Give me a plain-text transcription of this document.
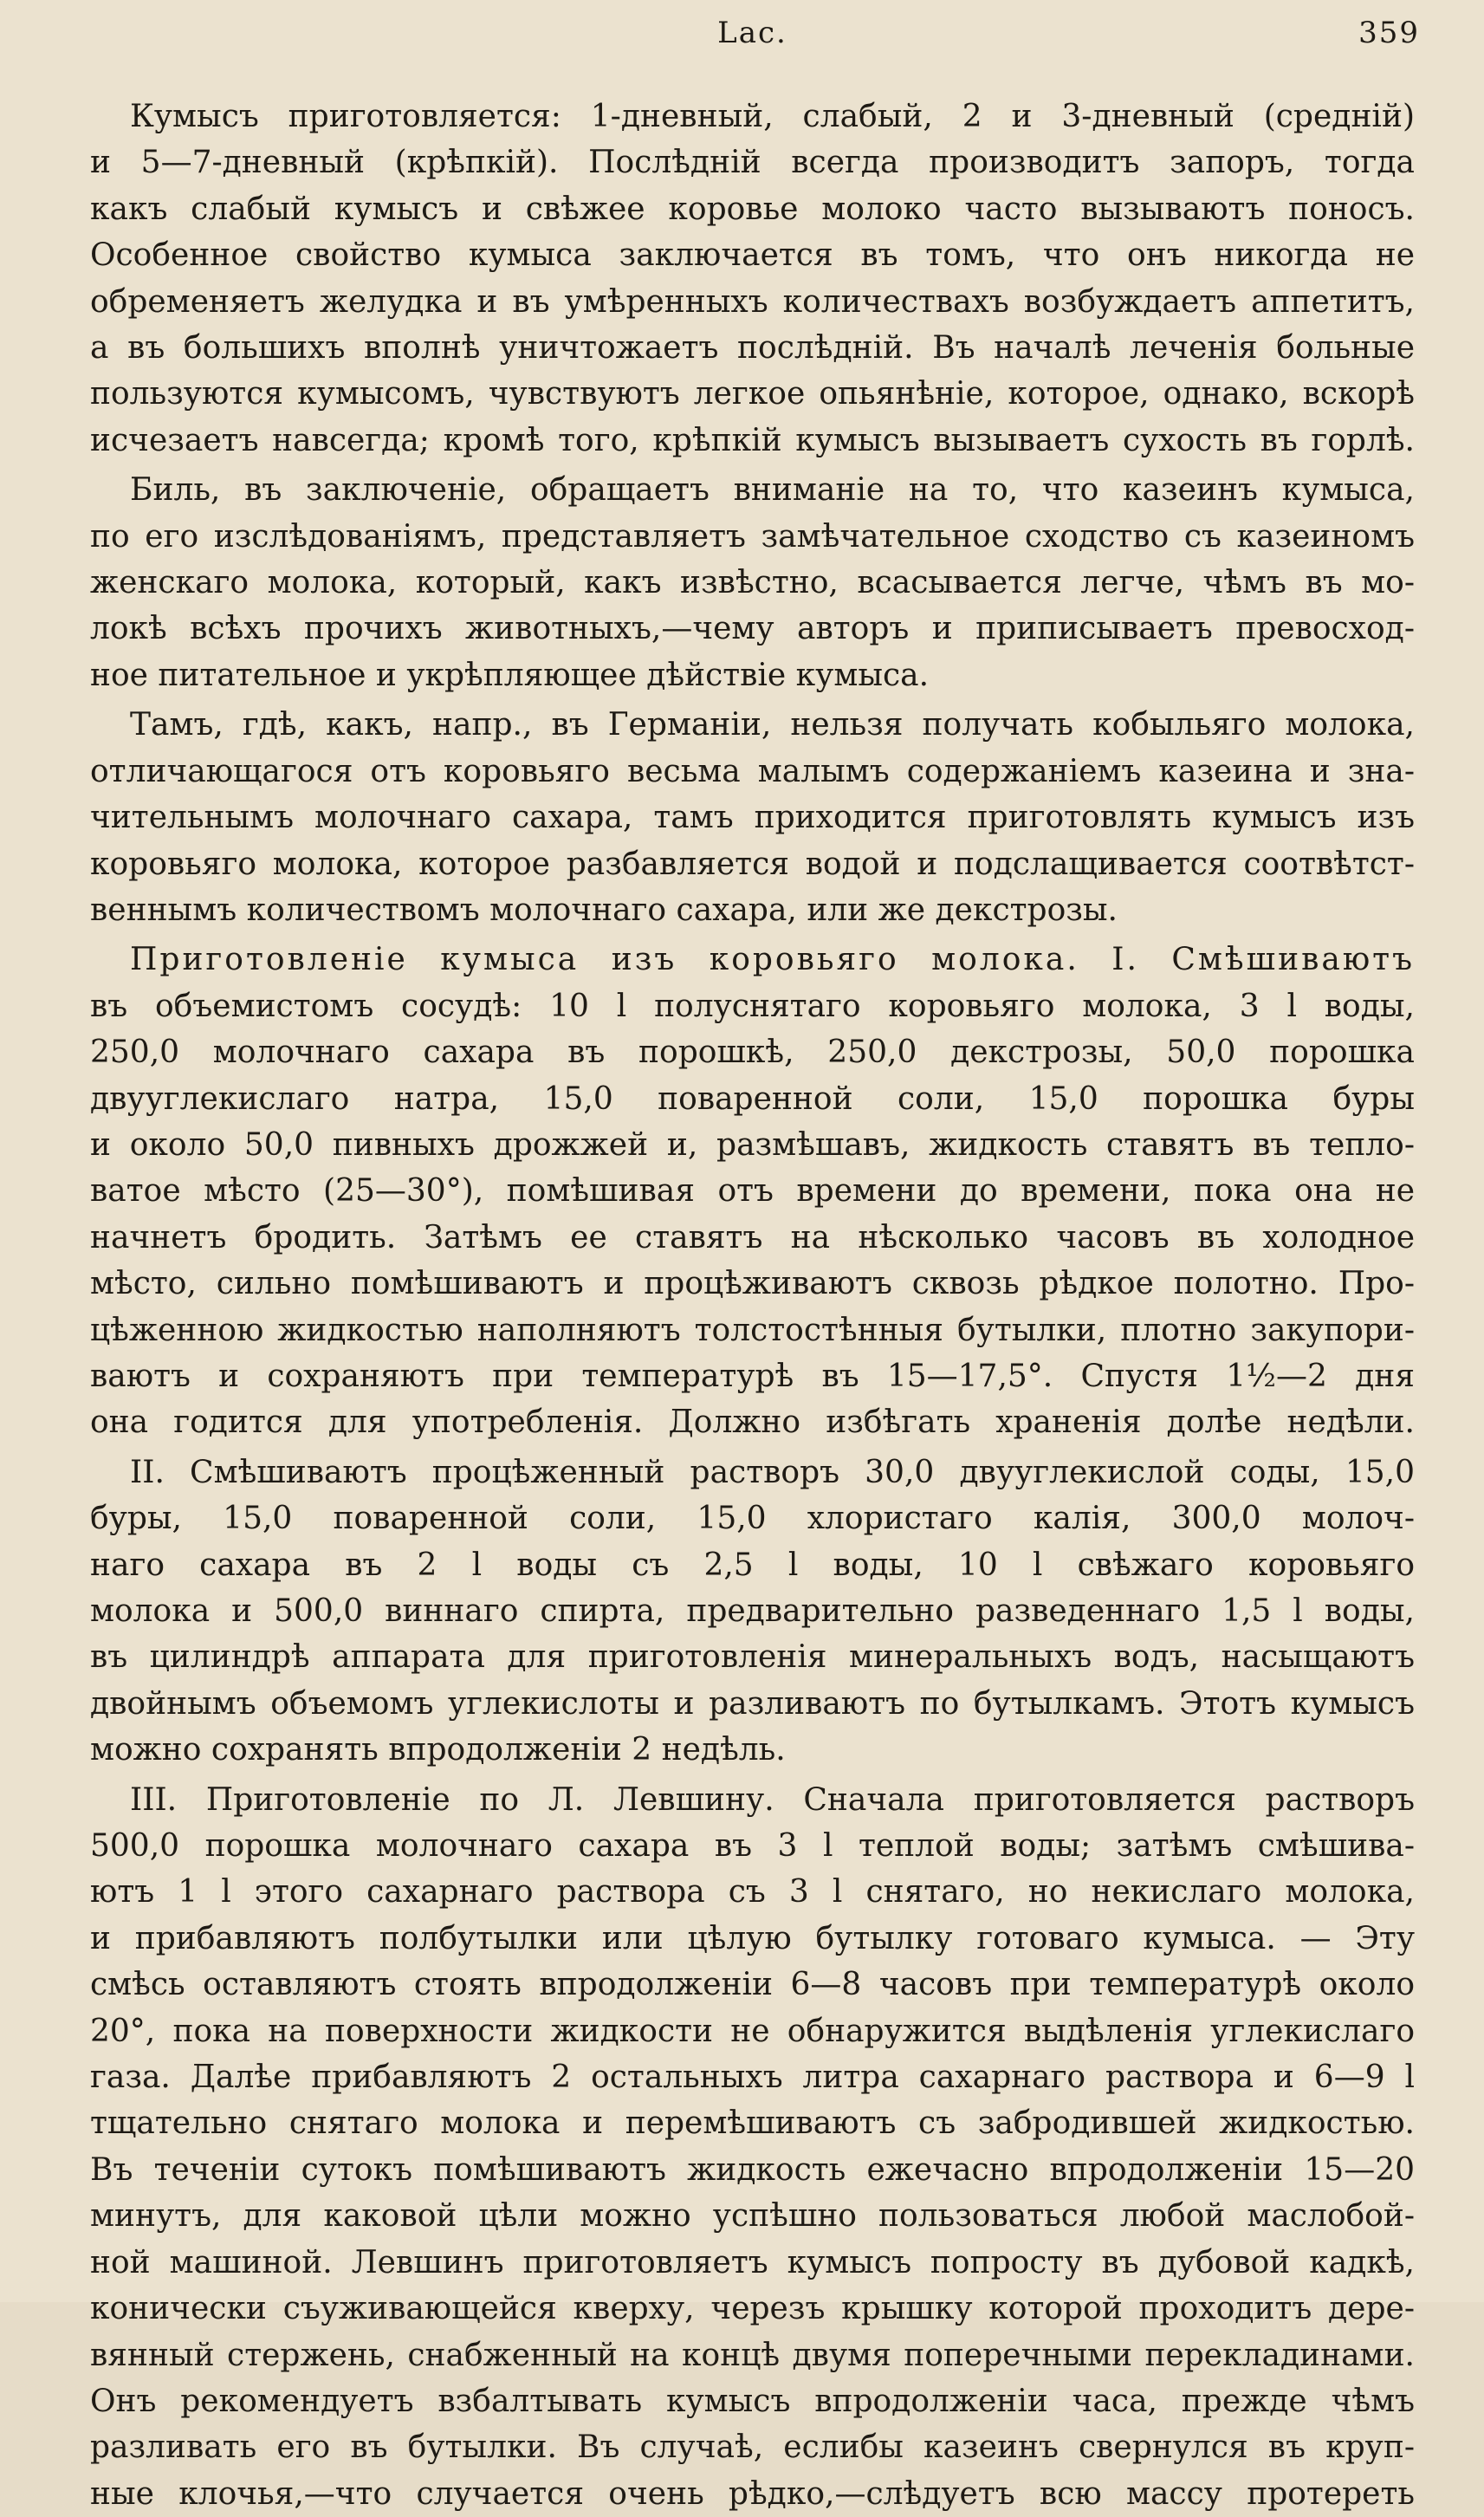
Lac.	359

Кумысъ приготовляется: 1-дневный, слабый, 2 и 3-дневный (средній)
и 5—7-дневный (крѣпкій). Послѣдній всегда производитъ запоръ, тогда
какъ слабый кумысъ и свѣжее коровье молоко часто вызываютъ поносъ.
Особенное свойство кумыса заключается въ томъ, что онъ никогда не
обременяетъ желудка и въ умѣренныхъ количествахъ возбуждаетъ аппетитъ,
а въ большихъ вполнѣ уничтожаетъ послѣдній. Въ началѣ леченія больные
пользуются кумысомъ, чувствуютъ легкое опьянѣніе, которое, однако, вскорѣ
исчезаетъ навсегда; кромѣ того, крѣпкій кумысъ вызываетъ сухость въ горлѣ.

Биль, въ заключеніе, обращаетъ вниманіе на то, что казеинъ кумыса,
по его изслѣдованіямъ, представляетъ замѣчательное сходство съ казеиномъ
женскаго молока, который, какъ извѣстно, всасывается легче, чѣмъ въ мо-
локѣ всѣхъ прочихъ животныхъ,—чему авторъ и приписываетъ превосход-
ное питательное и укрѣпляющее дѣйствіе кумыса.

Тамъ, гдѣ, какъ, напр., въ Германіи, нельзя получать кобыльяго молока,
отличающагося отъ коровьяго весьма малымъ содержаніемъ казеина и зна-
чительнымъ молочнаго сахара, тамъ приходится приготовлять кумысъ изъ
коровьяго молока, которое разбавляется водой и подслащивается соотвѣтст-
веннымъ количествомъ молочнаго сахара, или же декстрозы.

Приготовленіе кумыса изъ коровьяго молока. I. Смѣшиваютъ
въ объемистомъ сосудѣ: 10 l полуснятаго коровьяго молока, 3 l воды,
250,0 молочнаго сахара въ порошкѣ, 250,0 декстрозы, 50,0 порошка
двууглекислаго натра, 15,0 поваренной соли, 15,0 порошка буры
и около 50,0 пивныхъ дрожжей и, размѣшавъ, жидкость ставятъ въ тепло-
ватое мѣсто (25—30°), помѣшивая отъ времени до времени, пока она не
начнетъ бродить. Затѣмъ ее ставятъ на нѣсколько часовъ въ холодное
мѣсто, сильно помѣшиваютъ и процѣживаютъ сквозь рѣдкое полотно. Про-
цѣженною жидкостью наполняютъ толстостѣнныя бутылки, плотно закупори-
ваютъ и сохраняютъ при температурѣ въ 15—17,5°. Спустя 1½—2 дня
она годится для употребленія. Должно избѣгать храненія долѣе недѣли.

II. Смѣшиваютъ процѣженный растворъ 30,0 двууглекислой соды, 15,0
буры, 15,0 поваренной соли, 15,0 хлористаго калія, 300,0 молоч-
наго сахара въ 2 l воды съ 2,5 l воды, 10 l свѣжаго коровьяго
молока и 500,0 виннаго спирта, предварительно разведеннаго 1,5 l воды,
въ цилиндрѣ аппарата для приготовленія минеральныхъ водъ, насыщаютъ
двойнымъ объемомъ углекислоты и разливаютъ по бутылкамъ. Этотъ кумысъ
можно сохранять впродолженіи 2 недѣль.

III. Приготовленіе по Л. Левшину. Сначала приготовляется растворъ
500,0 порошка молочнаго сахара въ 3 l теплой воды; затѣмъ смѣшива-
ютъ 1 l этого сахарнаго раствора съ 3 l снятаго, но некислаго молока,
и прибавляютъ полбутылки или цѣлую бутылку готоваго кумыса. — Эту
смѣсь оставляютъ стоять впродолженіи 6—8 часовъ при температурѣ около
20°, пока на поверхности жидкости не обнаружится выдѣленія углекислаго
газа. Далѣе прибавляютъ 2 остальныхъ литра сахарнаго раствора и 6—9 l
тщательно снятаго молока и перемѣшиваютъ съ забродившей жидкостью.
Въ теченіи сутокъ помѣшиваютъ жидкость ежечасно впродолженіи 15—20
минутъ, для каковой цѣли можно успѣшно пользоваться любой маслобой-
ной машиной. Левшинъ приготовляетъ кумысъ попросту въ дубовой кадкѣ,
конически съуживающейся кверху, черезъ крышку которой проходитъ дере-
вянный стержень, снабженный на концѣ двумя поперечными перекладинами.
Онъ рекомендуетъ взбалтывать кумысъ впродолженіи часа, прежде чѣмъ
разливать его въ бутылки. Въ случаѣ, еслибы казеинъ свернулся въ круп-
ные клочья,—что случается очень рѣдко,—слѣдуетъ всю массу протереть
